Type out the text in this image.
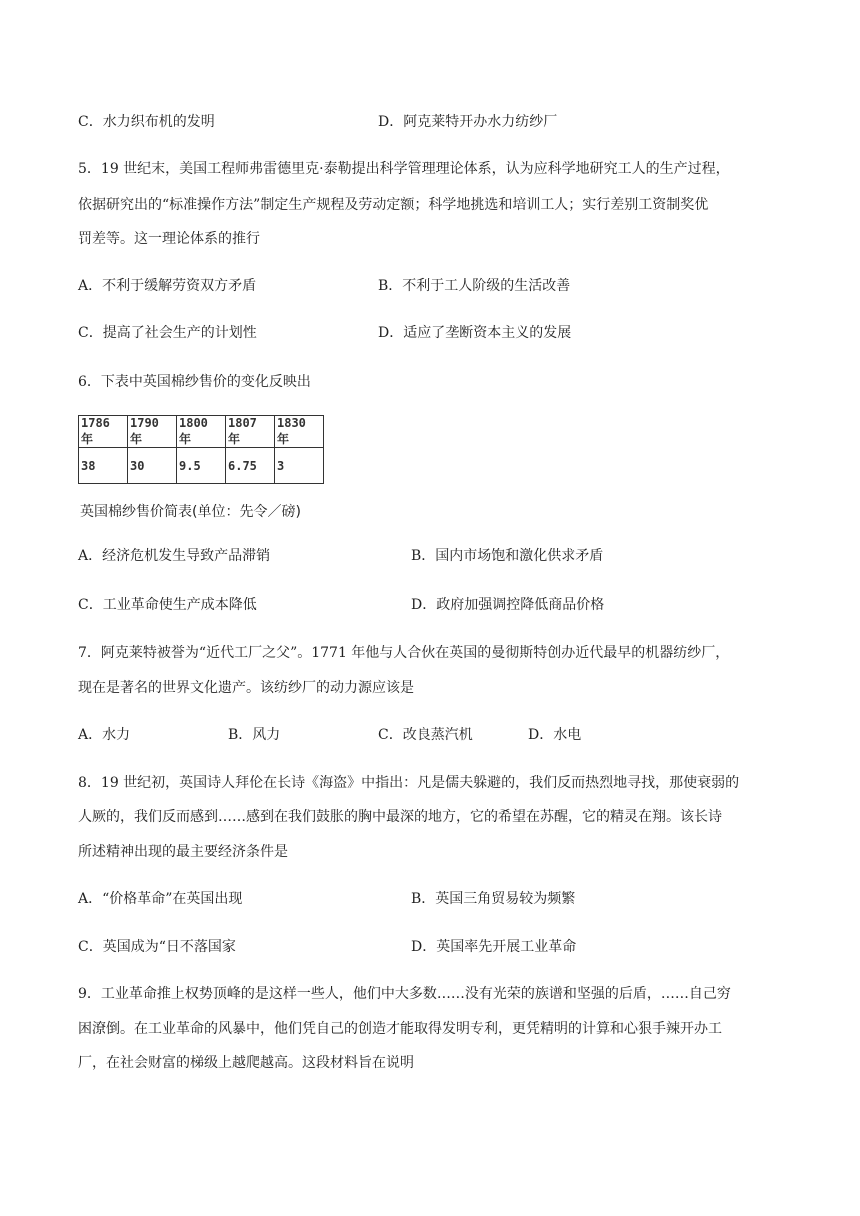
C．水力织布机的发明	D．阿克莱特开办水力纺纱厂
5．19 世纪末，美国工程师弗雷德里克·泰勒提出科学管理理论体系，认为应科学地研究工人的生产过程，
依据研究出的“标准操作方法”制定生产规程及劳动定额；科学地挑选和培训工人；实行差别工资制奖优
罚差等。这一理论体系的推行
A．不利于缓解劳资双方矛盾	B．不利于工人阶级的生活改善
C．提高了社会生产的计划性	D．适应了垄断资本主义的发展
6．下表中英国棉纱售价的变化反映出
1786 年	1790 年	1800 年	1807 年	1830 年
38	30	9.5	6.75	3
英国棉纱售价简表(单位：先令／磅)
A．经济危机发生导致产品滞销	B．国内市场饱和激化供求矛盾
C．工业革命使生产成本降低	D．政府加强调控降低商品价格
7．阿克莱特被誉为“近代工厂之父”。1771 年他与人合伙在英国的曼彻斯特创办近代最早的机器纺纱厂，
现在是著名的世界文化遗产。该纺纱厂的动力源应该是
A．水力	B．风力	C．改良蒸汽机	D．水电
8．19 世纪初，英国诗人拜伦在长诗《海盗》中指出：凡是儒夫躲避的，我们反而热烈地寻找，那使衰弱的
人厥的，我们反而感到……感到在我们鼓胀的胸中最深的地方，它的希望在苏醒，它的精灵在翔。该长诗
所述精神出现的最主要经济条件是
A．“价格革命”在英国出现	B．英国三角贸易较为频繁
C．英国成为“日不落国家	D．英国率先开展工业革命
9．工业革命推上权势顶峰的是这样一些人，他们中大多数……没有光荣的族谱和坚强的后盾，……自己穷
困潦倒。在工业革命的风暴中，他们凭自己的创造才能取得发明专利，更凭精明的计算和心狠手辣开办工
厂，在社会财富的梯级上越爬越高。这段材料旨在说明
